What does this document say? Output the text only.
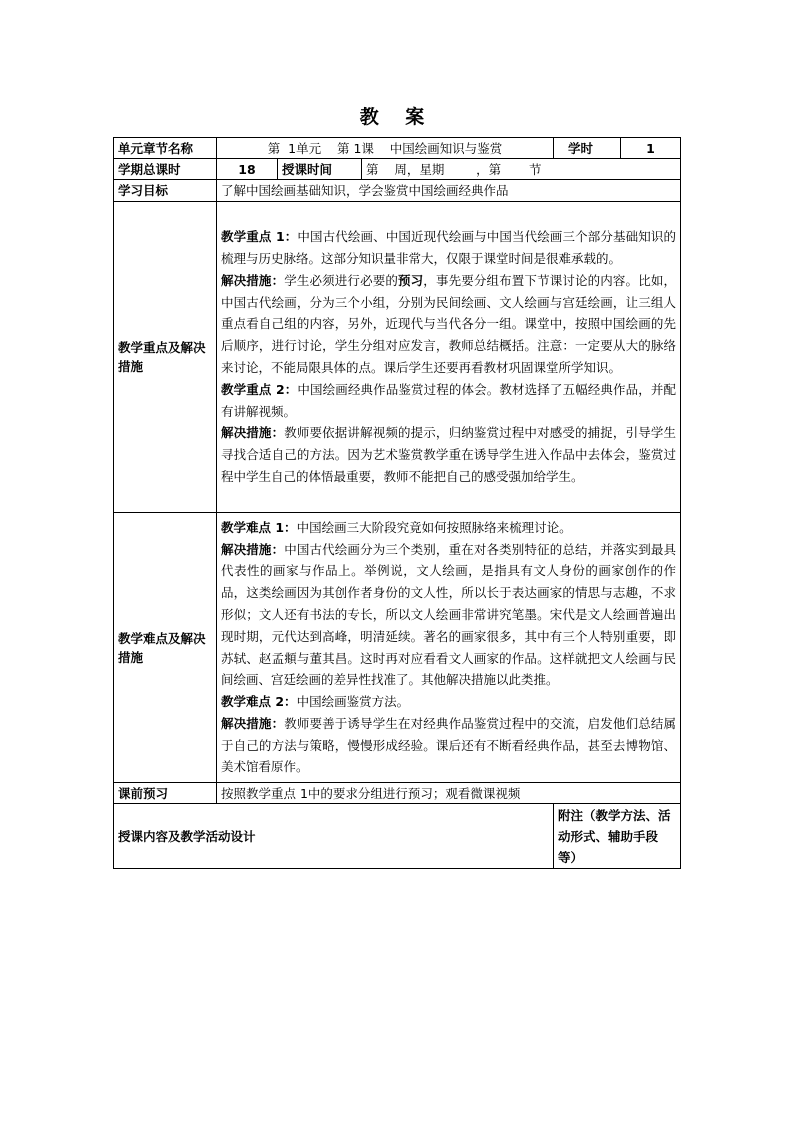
教 案
单元章节名称	第  1单元    第 1课    中国绘画知识与鉴赏			学时	1
学期总课时	18	授课时间	第    周，星期        ，第       节		
学习目标	了解中国绘画基础知识，学会鉴赏中国绘画经典作品				
教学重点及解决措施	教学重点 1：中国古代绘画、中国近现代绘画与中国当代绘画三个部分基础知识的梳理与历史脉络。这部分知识量非常大，仅限于课堂时间是很难承载的。

解决措施：学生必须进行必要的预习，事先要分组布置下节课讨论的内容。比如，中国古代绘画，分为三个小组，分别为民间绘画、文人绘画与宫廷绘画，让三组人重点看自己组的内容，另外，近现代与当代各分一组。课堂中，按照中国绘画的先后顺序，进行讨论，学生分组对应发言，教师总结概括。注意：一定要从大的脉络来讨论，不能局限具体的点。课后学生还要再看教材巩固课堂所学知识。

教学重点 2：中国绘画经典作品鉴赏过程的体会。教材选择了五幅经典作品，并配有讲解视频。

解决措施：教师要依据讲解视频的提示，归纳鉴赏过程中对感受的捕捉，引导学生寻找合适自己的方法。因为艺术鉴赏教学重在诱导学生进入作品中去体会，鉴赏过程中学生自己的体悟最重要，教师不能把自己的感受强加给学生。				

教学难点及解决措施	教学难点 1：中国绘画三大阶段究竟如何按照脉络来梳理讨论。

解决措施：中国古代绘画分为三个类别，重在对各类别特征的总结，并落实到最具代表性的画家与作品上。举例说，文人绘画，是指具有文人身份的画家创作的作品，这类绘画因为其创作者身份的文人性，所以长于表达画家的情思与志趣，不求形似；文人还有书法的专长，所以文人绘画非常讲究笔墨。宋代是文人绘画普遍出现时期，元代达到高峰，明清延续。著名的画家很多，其中有三个人特别重要，即苏轼、赵孟頫与董其昌。这时再对应看看文人画家的作品。这样就把文人绘画与民间绘画、宫廷绘画的差异性找准了。其他解决措施以此类推。

教学难点 2：中国绘画鉴赏方法。

解决措施：教师要善于诱导学生在对经典作品鉴赏过程中的交流，启发他们总结属于自己的方法与策略，慢慢形成经验。课后还有不断看经典作品，甚至去博物馆、美术馆看原作。				

课前预习	按照教学重点 1中的要求分组进行预习；观看微课视频				
授课内容及教学活动设计				附注（教学方法、活动形式、辅助手段等）	
